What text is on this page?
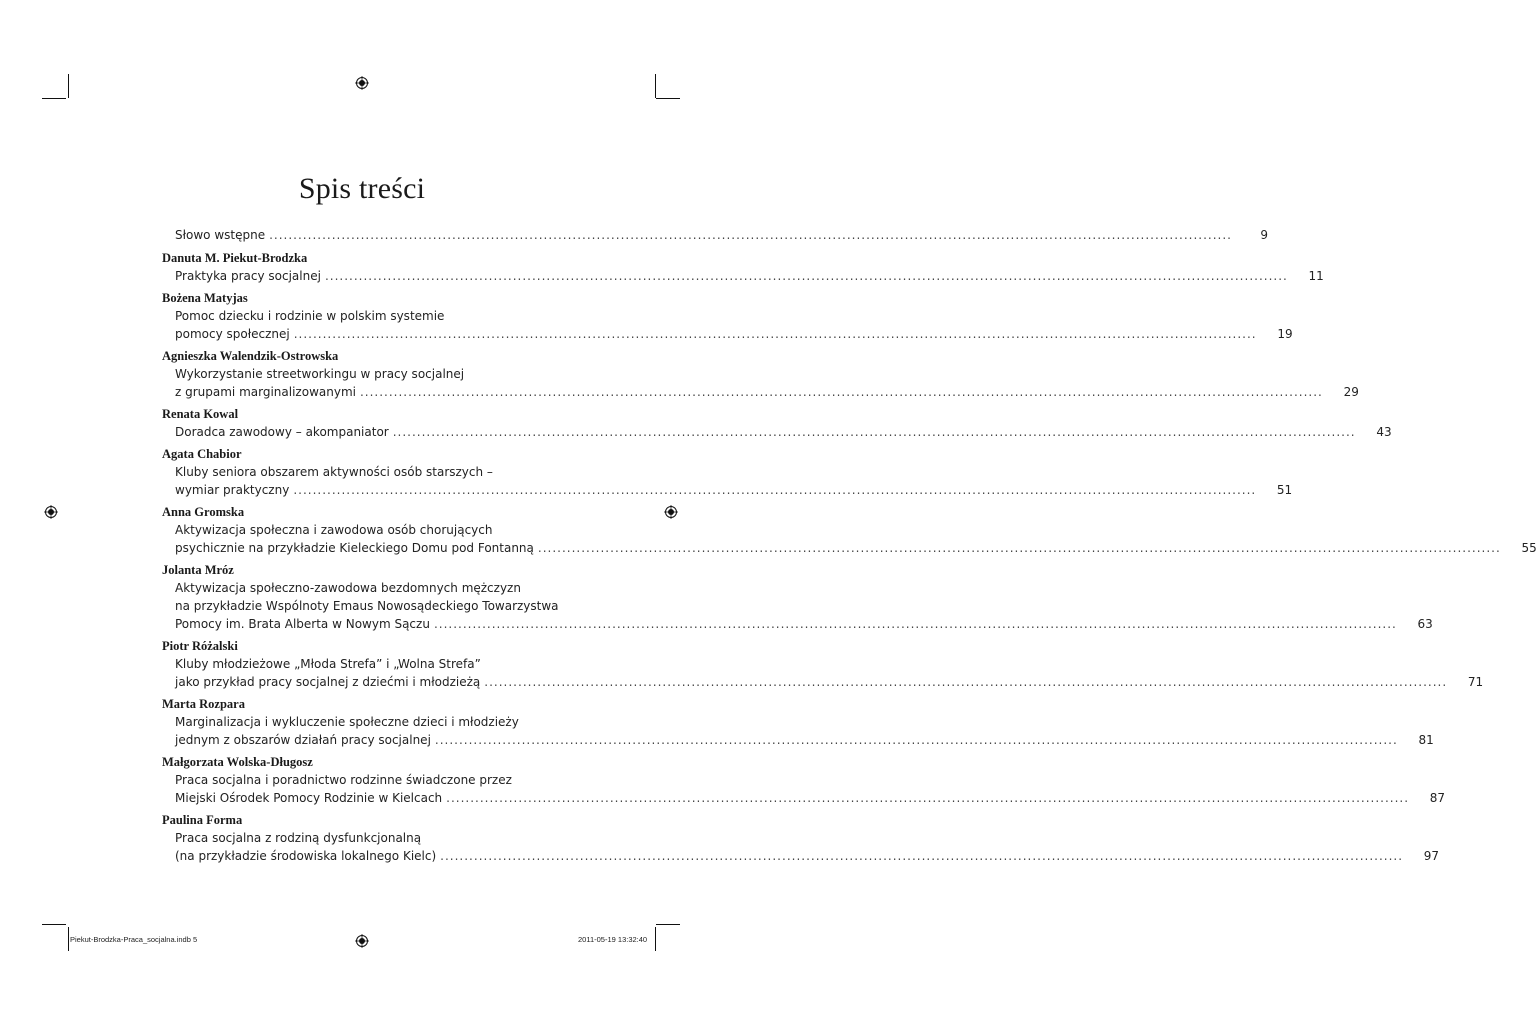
Spis treści
Słowo wstępne ........................................................................................................................................................................................................	9
Danuta M. Piekut-Brodzka
Praktyka pracy socjalnej ........................................................................................................................................................................................................	11
Bożena Matyjas
Pomoc dziecku i rodzinie w polskim systemie
pomocy społecznej ........................................................................................................................................................................................................	19
Agnieszka Walendzik-Ostrowska
Wykorzystanie streetworkingu w pracy socjalnej
z grupami marginalizowanymi ........................................................................................................................................................................................................	29
Renata Kowal
Doradca zawodowy – akompaniator ........................................................................................................................................................................................................	43
Agata Chabior
Kluby seniora obszarem aktywności osób starszych –
wymiar praktyczny ........................................................................................................................................................................................................	51
Anna Gromska
Aktywizacja społeczna i zawodowa osób chorujących
psychicznie na przykładzie Kieleckiego Domu pod Fontanną ........................................................................................................................................................................................................	55
Jolanta Mróz
Aktywizacja społeczno-zawodowa bezdomnych mężczyzn
na przykładzie Wspólnoty Emaus Nowosądeckiego Towarzystwa
Pomocy im. Brata Alberta w Nowym Sączu ........................................................................................................................................................................................................	63
Piotr Różalski
Kluby młodzieżowe „Młoda Strefa” i „Wolna Strefa”
jako przykład pracy socjalnej z dziećmi i młodzieżą ........................................................................................................................................................................................................	71
Marta Rozpara
Marginalizacja i wykluczenie społeczne dzieci i młodzieży
jednym z obszarów działań pracy socjalnej ........................................................................................................................................................................................................	81
Małgorzata Wolska-Długosz
Praca socjalna i poradnictwo rodzinne świadczone przez
Miejski Ośrodek Pomocy Rodzinie w Kielcach ........................................................................................................................................................................................................	87
Paulina Forma
Praca socjalna z rodziną dysfunkcjonalną
(na przykładzie środowiska lokalnego Kielc) ........................................................................................................................................................................................................	97
Piekut-Brodzka-Praca_socjalna.indb 5	2011-05-19 13:32:40
